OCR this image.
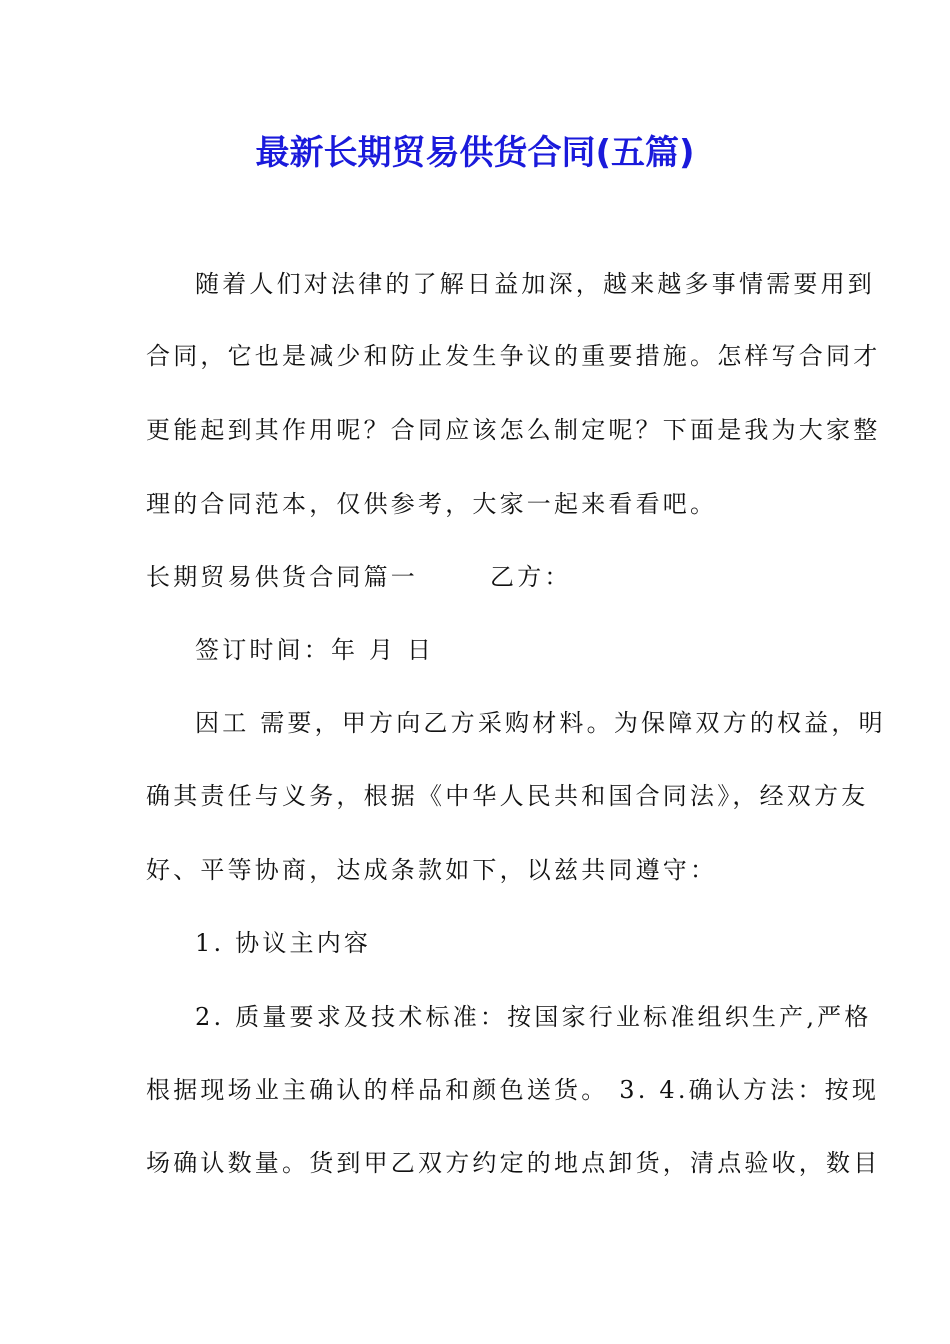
最新长期贸易供货合同(五篇)
随着人们对法律的了解日益加深，越来越多事情需要用到
合同，它也是减少和防止发生争议的重要措施。怎样写合同才
更能起到其作用呢？合同应该怎么制定呢？下面是我为大家整
理的合同范本，仅供参考，大家一起来看看吧。
长期贸易供货合同篇一	乙方：
签订时间：年 月 日
因工 需要，甲方向乙方采购材料。为保障双方的权益，明
确其责任与义务，根据《中华人民共和国合同法》，经双方友
好、平等协商，达成条款如下，以兹共同遵守：
1. 协议主内容
2. 质量要求及技术标准：按国家行业标准组织生产,严格
根据现场业主确认的样品和颜色送货。 3. 4.确认方法：按现
场确认数量。货到甲乙双方约定的地点卸货，清点验收，数目
